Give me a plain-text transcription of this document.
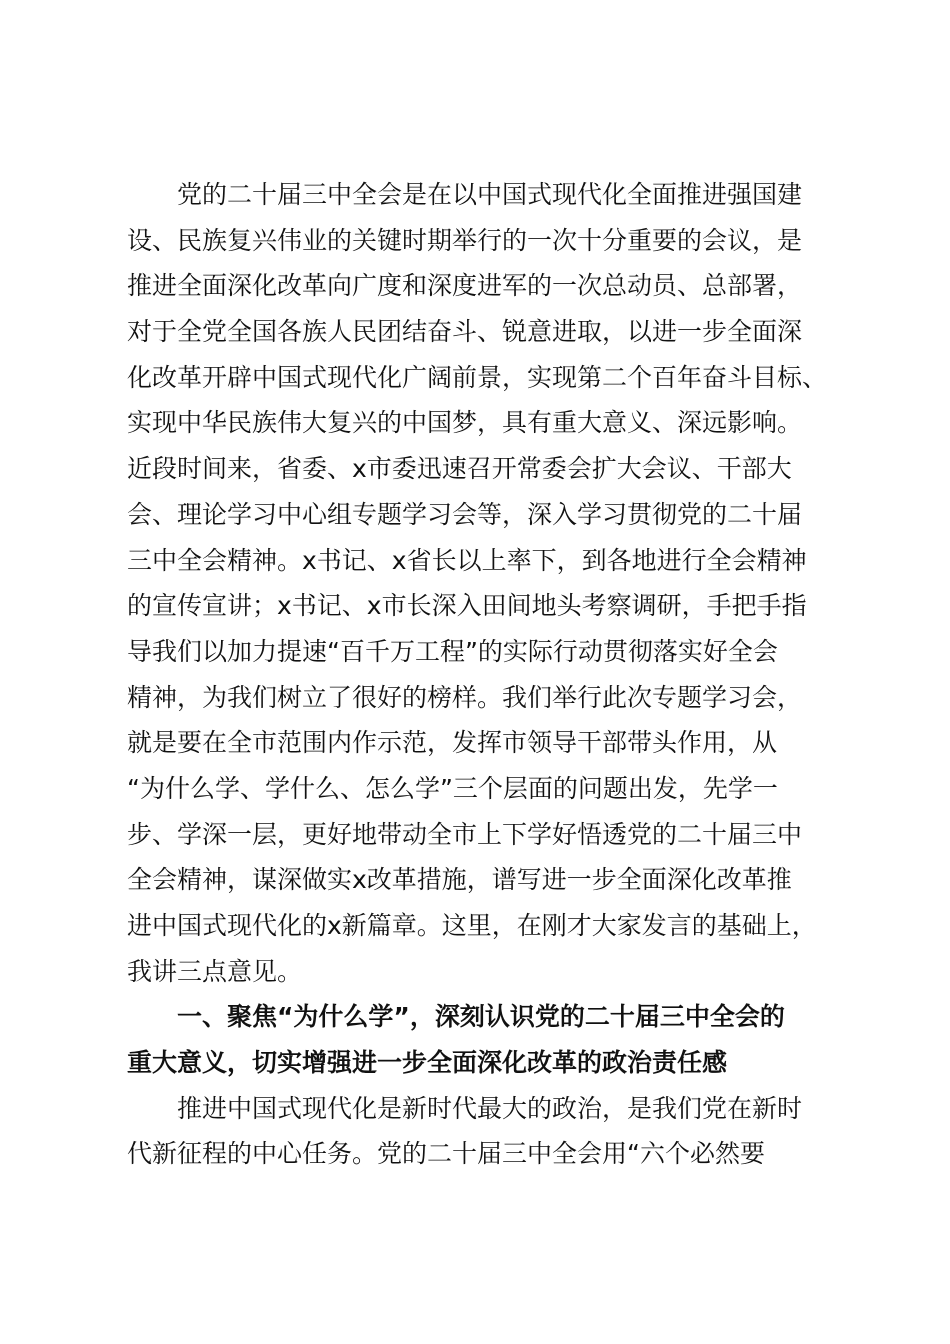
党的二十届三中全会是在以中国式现代化全面推进强国建
设、民族复兴伟业的关键时期举行的一次十分重要的会议，是
推进全面深化改革向广度和深度进军的一次总动员、总部署，
对于全党全国各族人民团结奋斗、锐意进取，以进一步全面深
化改革开辟中国式现代化广阔前景，实现第二个百年奋斗目标、
实现中华民族伟大复兴的中国梦，具有重大意义、深远影响。
近段时间来，省委、x市委迅速召开常委会扩大会议、干部大
会、理论学习中心组专题学习会等，深入学习贯彻党的二十届
三中全会精神。x书记、x省长以上率下，到各地进行全会精神
的宣传宣讲；x书记、x市长深入田间地头考察调研，手把手指
导我们以加力提速“百千万工程”的实际行动贯彻落实好全会
精神，为我们树立了很好的榜样。我们举行此次专题学习会，
就是要在全市范围内作示范，发挥市领导干部带头作用，从
“为什么学、学什么、怎么学”三个层面的问题出发，先学一
步、学深一层，更好地带动全市上下学好悟透党的二十届三中
全会精神，谋深做实x改革措施，谱写进一步全面深化改革推
进中国式现代化的x新篇章。这里，在刚才大家发言的基础上，
我讲三点意见。
一、聚焦“为什么学”，深刻认识党的二十届三中全会的
重大意义，切实增强进一步全面深化改革的政治责任感
推进中国式现代化是新时代最大的政治，是我们党在新时
代新征程的中心任务。党的二十届三中全会用“六个必然要
